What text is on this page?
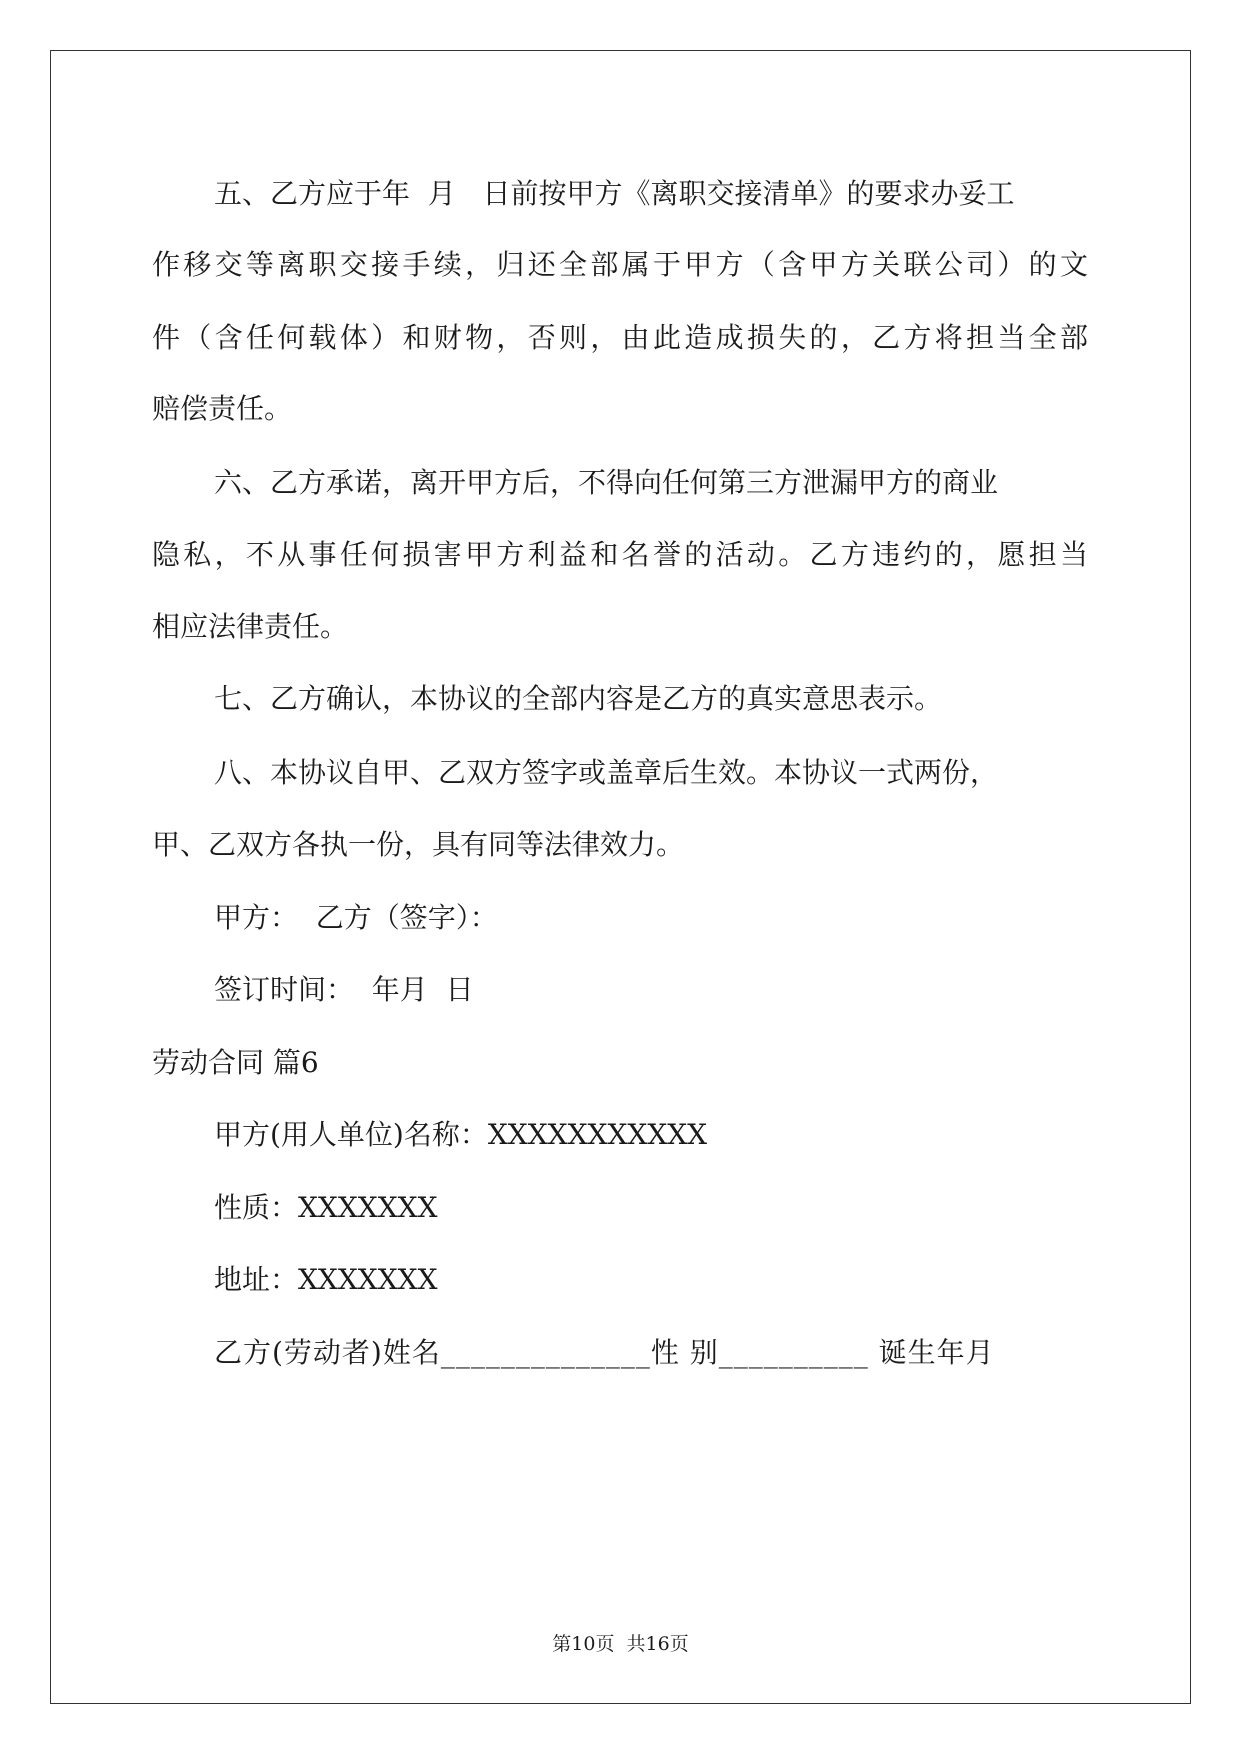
五、乙方应于年  月   日前按甲方《离职交接清单》的要求办妥工
作移交等离职交接手续，归还全部属于甲方（含甲方关联公司）的文
件（含任何载体）和财物，否则，由此造成损失的，乙方将担当全部
赔偿责任。
六、乙方承诺，离开甲方后，不得向任何第三方泄漏甲方的商业
隐私，不从事任何损害甲方利益和名誉的活动。乙方违约的，愿担当
相应法律责任。
七、乙方确认，本协议的全部内容是乙方的真实意思表示。
八、本协议自甲、乙双方签字或盖章后生效。本协议一式两份，
甲、乙双方各执一份，具有同等法律效力。
甲方：  乙方（签字）：
签订时间：  年月  日
劳动合同 篇6
甲方(用人单位)名称：XXXXXXXXXXX
性质：XXXXXXX
地址：XXXXXXX
乙方(劳动者)姓名______________性 别__________ 诞生年月
第10页  共16页
